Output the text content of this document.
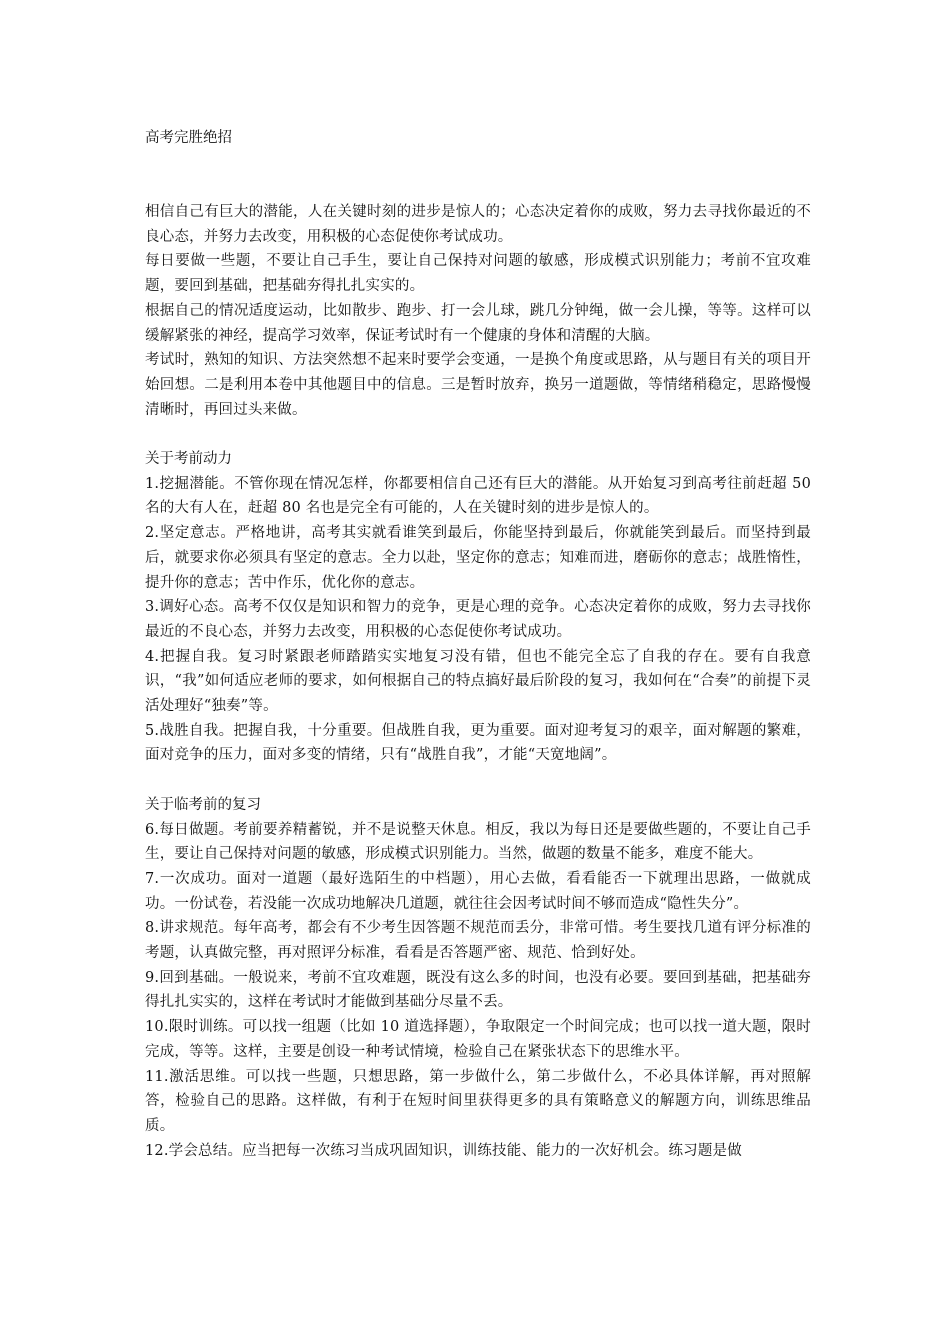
高考完胜绝招

相信自己有巨大的潜能，人在关键时刻的进步是惊人的；心态决定着你的成败，努力去寻找你最近的不良心态，并努力去改变，用积极的心态促使你考试成功。

每日要做一些题，不要让自己手生，要让自己保持对问题的敏感，形成模式识别能力；考前不宜攻难题，要回到基础，把基础夯得扎扎实实的。

根据自己的情况适度运动，比如散步、跑步、打一会儿球，跳几分钟绳，做一会儿操，等等。这样可以缓解紧张的神经，提高学习效率，保证考试时有一个健康的身体和清醒的大脑。

考试时，熟知的知识、方法突然想不起来时要学会变通，一是换个角度或思路，从与题目有关的项目开始回想。二是利用本卷中其他题目中的信息。三是暂时放弃，换另一道题做，等情绪稍稳定，思路慢慢清晰时，再回过头来做。

关于考前动力

1.挖掘潜能。不管你现在情况怎样，你都要相信自己还有巨大的潜能。从开始复习到高考往前赶超 50 名的大有人在，赶超 80 名也是完全有可能的，人在关键时刻的进步是惊人的。

2.坚定意志。严格地讲，高考其实就看谁笑到最后，你能坚持到最后，你就能笑到最后。而坚持到最后，就要求你必须具有坚定的意志。全力以赴，坚定你的意志；知难而进，磨砺你的意志；战胜惰性，提升你的意志；苦中作乐，优化你的意志。

3.调好心态。高考不仅仅是知识和智力的竞争，更是心理的竞争。心态决定着你的成败，努力去寻找你最近的不良心态，并努力去改变，用积极的心态促使你考试成功。

4.把握自我。复习时紧跟老师踏踏实实地复习没有错，但也不能完全忘了自我的存在。要有自我意识，“我”如何适应老师的要求，如何根据自己的特点搞好最后阶段的复习，我如何在“合奏”的前提下灵活处理好“独奏”等。

5.战胜自我。把握自我，十分重要。但战胜自我，更为重要。面对迎考复习的艰辛，面对解题的繁难，面对竞争的压力，面对多变的情绪，只有“战胜自我”，才能“天宽地阔”。

关于临考前的复习

6.每日做题。考前要养精蓄锐，并不是说整天休息。相反，我以为每日还是要做些题的，不要让自己手生，要让自己保持对问题的敏感，形成模式识别能力。当然，做题的数量不能多，难度不能大。

7.一次成功。面对一道题（最好选陌生的中档题），用心去做，看看能否一下就理出思路，一做就成功。一份试卷，若没能一次成功地解决几道题，就往往会因考试时间不够而造成“隐性失分”。

8.讲求规范。每年高考，都会有不少考生因答题不规范而丢分，非常可惜。考生要找几道有评分标准的考题，认真做完整，再对照评分标准，看看是否答题严密、规范、恰到好处。

9.回到基础。一般说来，考前不宜攻难题，既没有这么多的时间，也没有必要。要回到基础，把基础夯得扎扎实实的，这样在考试时才能做到基础分尽量不丢。

10.限时训练。可以找一组题（比如 10 道选择题），争取限定一个时间完成；也可以找一道大题，限时完成，等等。这样，主要是创设一种考试情境，检验自己在紧张状态下的思维水平。

11.激活思维。可以找一些题，只想思路，第一步做什么，第二步做什么，不必具体详解，再对照解答，检验自己的思路。这样做，有利于在短时间里获得更多的具有策略意义的解题方向，训练思维品质。

12.学会总结。应当把每一次练习当成巩固知识，训练技能、能力的一次好机会。练习题是做
